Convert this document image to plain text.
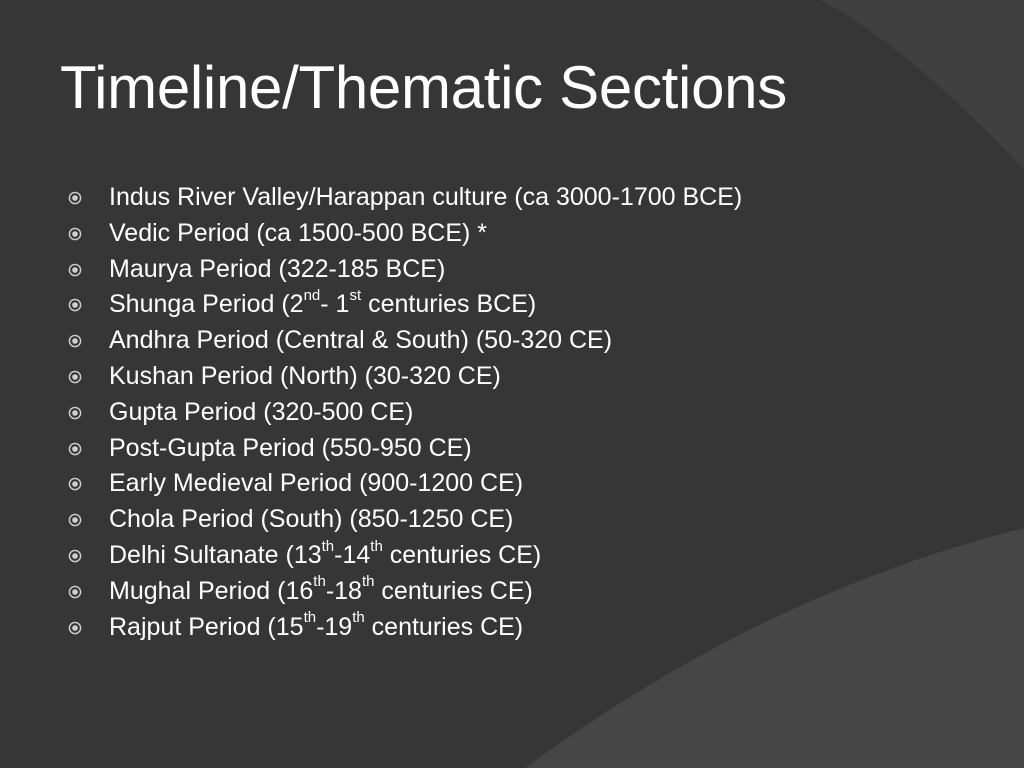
Timeline/Thematic Sections
Indus River Valley/Harappan culture (ca 3000-1700 BCE)
Vedic Period (ca 1500-500 BCE) *
Maurya Period (322-185 BCE)
Shunga Period (2nd- 1st centuries BCE)
Andhra Period (Central & South) (50-320 CE)
Kushan Period (North) (30-320 CE)
Gupta Period (320-500 CE)
Post-Gupta Period (550-950 CE)
Early Medieval Period (900-1200 CE)
Chola Period (South) (850-1250 CE)
Delhi Sultanate (13th-14th centuries CE)
Mughal Period (16th-18th centuries CE)
Rajput Period (15th-19th centuries CE)
